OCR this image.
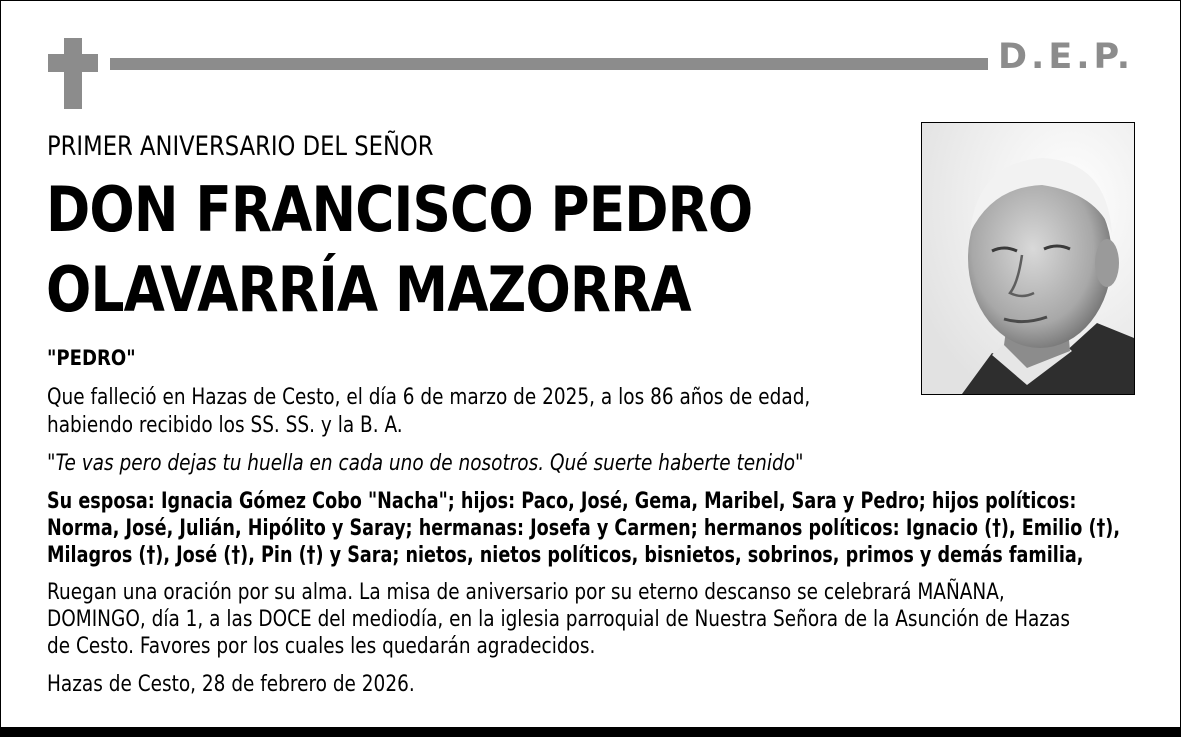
D.E.P.
PRIMER ANIVERSARIO DEL SEÑOR
DON FRANCISCO PEDRO
OLAVARRÍA MAZORRA
"PEDRO"
Que falleció en Hazas de Cesto, el día 6 de marzo de 2025, a los 86 años de edad,
habiendo recibido los SS. SS. y la B. A.
"Te vas pero dejas tu huella en cada uno de nosotros. Qué suerte haberte tenido"
Su esposa: Ignacia Gómez Cobo "Nacha"; hijos: Paco, José, Gema, Maribel, Sara y Pedro; hijos políticos:
Norma, José, Julián, Hipólito y Saray; hermanas: Josefa y Carmen; hermanos políticos: Ignacio (†), Emilio (†),
Milagros (†), José (†), Pin (†) y Sara; nietos, nietos políticos, bisnietos, sobrinos, primos y demás familia,
Ruegan una oración por su alma. La misa de aniversario por su eterno descanso se celebrará MAÑANA,
DOMINGO, día 1, a las DOCE del mediodía, en la iglesia parroquial de Nuestra Señora de la Asunción de Hazas
de Cesto. Favores por los cuales les quedarán agradecidos.
Hazas de Cesto, 28 de febrero de 2026.
